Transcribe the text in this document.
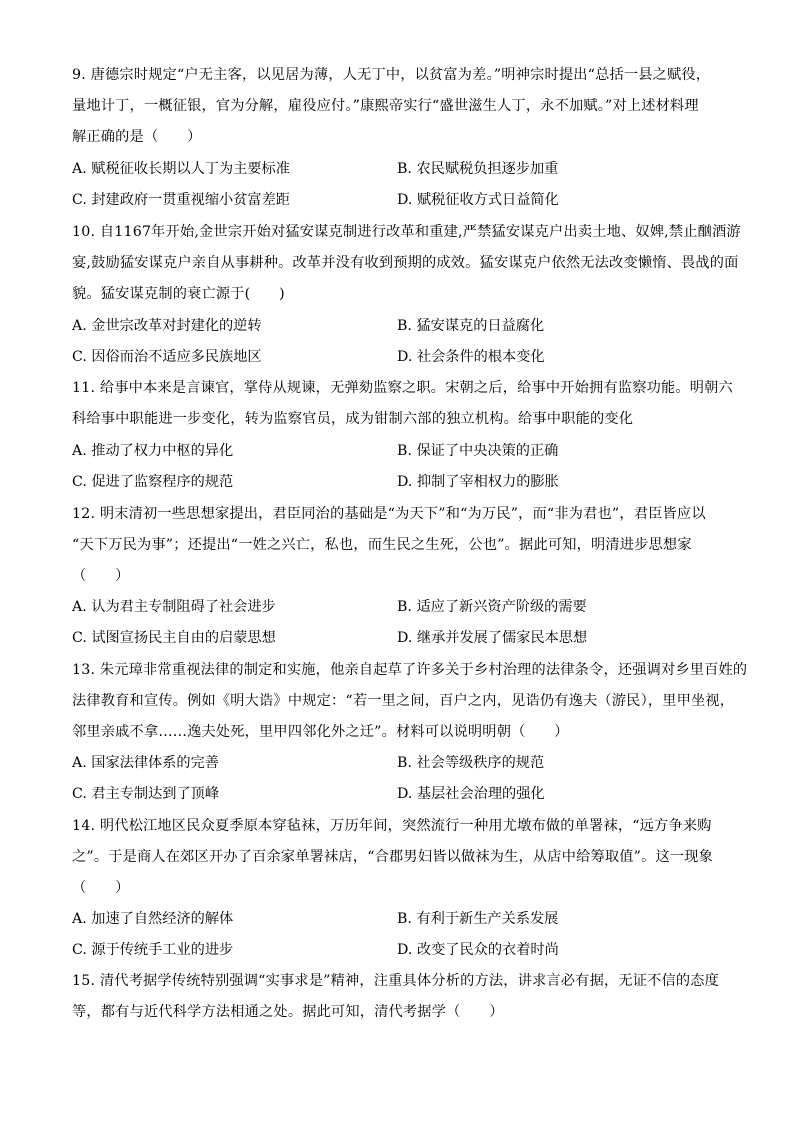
9. 唐德宗时规定“户无主客，以见居为薄，人无丁中，以贫富为差。”明神宗时提出“总括一县之赋役，
量地计丁，一概征银，官为分解，雇役应付。”康熙帝实行“盛世滋生人丁，永不加赋。”对上述材料理
解正确的是（　　）
A. 赋税征收长期以人丁为主要标准	B. 农民赋税负担逐步加重
C. 封建政府一贯重视缩小贫富差距	D. 赋税征收方式日益简化
10. 自1167年开始,金世宗开始对猛安谋克制进行改革和重建,严禁猛安谋克户出卖土地、奴婢,禁止酗酒游
宴,鼓励猛安谋克户亲自从事耕种。改革并没有收到预期的成效。猛安谋克户依然无法改变懒惰、畏战的面
貌。猛安谋克制的衰亡源于(　　)
A. 金世宗改革对封建化的逆转	B. 猛安谋克的日益腐化
C. 因俗而治不适应多民族地区	D. 社会条件的根本变化
11. 给事中本来是言谏官，掌侍从规谏，无弹劾监察之职。宋朝之后，给事中开始拥有监察功能。明朝六
科给事中职能进一步变化，转为监察官员，成为钳制六部的独立机构。给事中职能的变化
A. 推动了权力中枢的异化	B. 保证了中央决策的正确
C. 促进了监察程序的规范	D. 抑制了宰相权力的膨胀
12. 明末清初一些思想家提出，君臣同治的基础是“为天下”和“为万民”，而“非为君也”，君臣皆应以
“天下万民为事”；还提出“一姓之兴亡，私也，而生民之生死，公也”。据此可知，明清进步思想家
（　　）
A. 认为君主专制阻碍了社会进步	B. 适应了新兴资产阶级的需要
C. 试图宣扬民主自由的启蒙思想	D. 继承并发展了儒家民本思想
13. 朱元璋非常重视法律的制定和实施，他亲自起草了许多关于乡村治理的法律条令，还强调对乡里百姓的
法律教育和宣传。例如《明大诰》中规定：“若一里之间，百户之内，见诰仍有逸夫（游民），里甲坐视，
邻里亲戚不拿……逸夫处死，里甲四邻化外之迁”。材料可以说明明朝（　　）
A. 国家法律体系的完善	B. 社会等级秩序的规范
C. 君主专制达到了顶峰	D. 基层社会治理的强化
14. 明代松江地区民众夏季原本穿毡袜，万历年间，突然流行一种用尤墩布做的单署袜，“远方争来购
之”。于是商人在郊区开办了百余家单署袜店，“合郡男妇皆以做袜为生，从店中给筹取值”。这一现象
（　　）
A. 加速了自然经济的解体	B. 有利于新生产关系发展
C. 源于传统手工业的进步	D. 改变了民众的衣着时尚
15. 清代考据学传统特别强调“实事求是”精神，注重具体分析的方法，讲求言必有据，无证不信的态度
等，都有与近代科学方法相通之处。据此可知，清代考据学（　　）
